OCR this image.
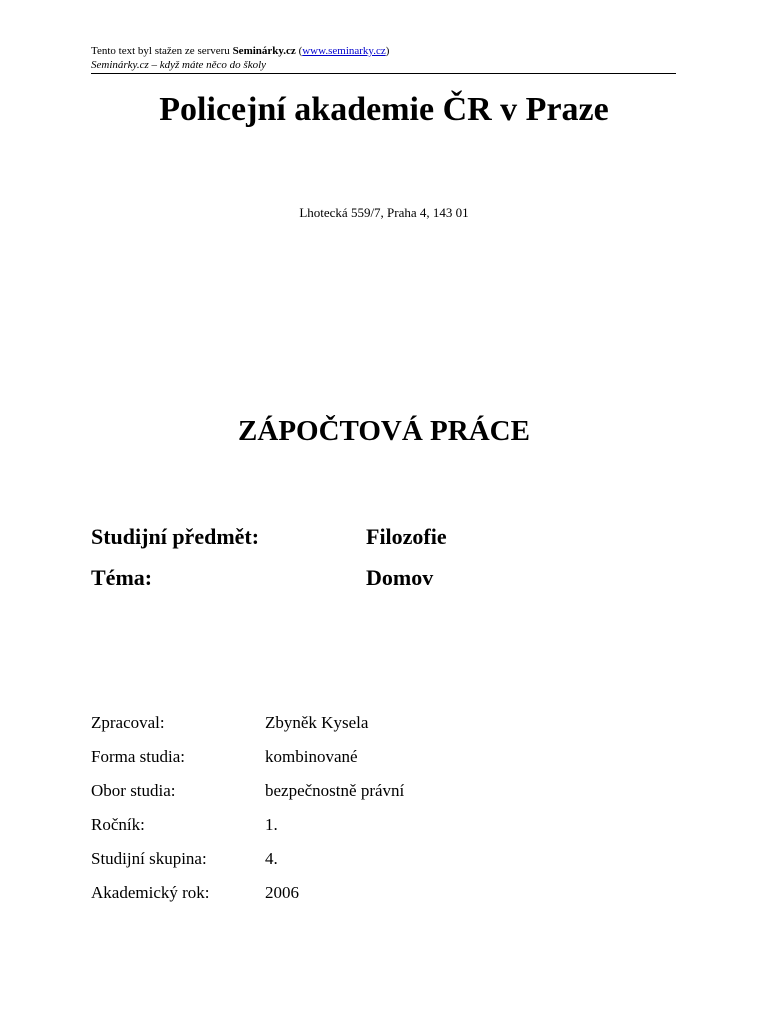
Tento text byl stažen ze serveru Seminárky.cz (www.seminarky.cz)
Seminárky.cz – když máte něco do školy
Policejní akademie ČR v Praze
Lhotecká 559/7, Praha 4, 143 01
ZÁPOČTOVÁ PRÁCE
Studijní předmět:	Filozofie
Téma:	Domov
Zpracoval:	Zbyněk Kysela
Forma studia:	kombinované
Obor studia:	bezpečnostně právní
Ročník:	1.
Studijní skupina:	4.
Akademický rok:	2006
